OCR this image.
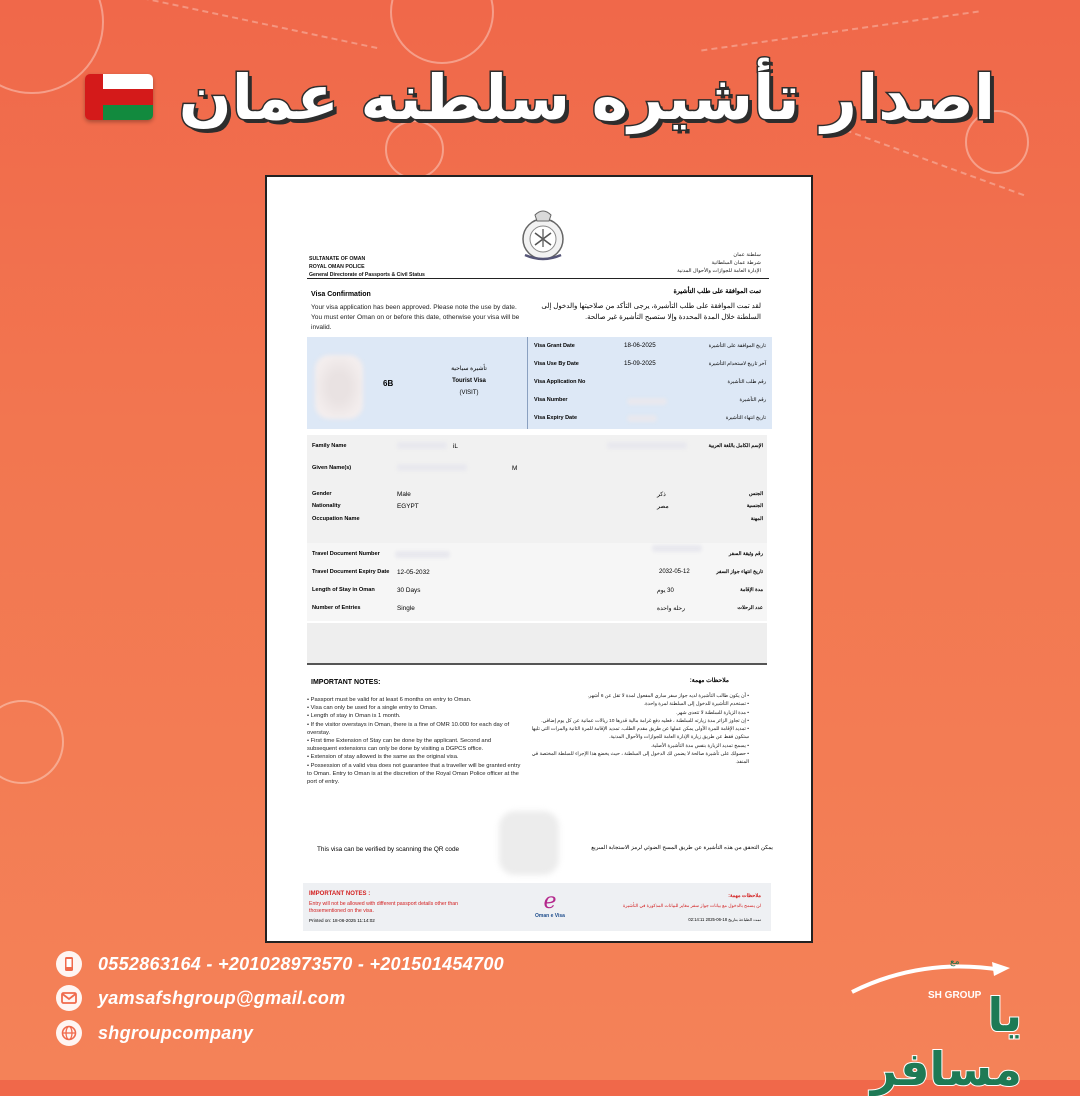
اصدار تأشيره سلطنه عمان
SULTANATE OF OMAN
ROYAL OMAN POLICE
General Directorate of Passports & Civil Status
سلطنة عمان
شرطة عمان السلطانية
الإدارة العامة للجوازات والأحوال المدنية
Visa Confirmation
Your visa application has been approved. Please note the use by date. You must enter Oman on or before this date, otherwise your visa will be invalid.
تمت الموافقة على طلب التأشيرة
لقد تمت الموافقة على طلب التأشيرة، يرجى التأكد من صلاحيتها والدخول إلى السلطنة خلال المدة المحددة وإلا ستصبح التأشيرة غير صالحة.
6B
تأشيرة سياحية
Tourist Visa
(VISIT)
Visa Grant Date	18-06-2025	تاريخ الموافقة على التأشيرة
Visa Use By Date	15-09-2025	آخر تاريخ لاستخدام التأشيرة
Visa Application No	رقم طلب التأشيرة
Visa Number	رقم التأشيرة
Visa Expiry Date	تاريخ انتهاء التأشيرة
Family Name	iL	الإسم الكامل باللغة العربية
Given Name(s)	M
Gender	Male	ذكر	الجنس
Nationality	EGYPT	مصر	الجنسية
Occupation Name	المهنة
Travel Document Number	رقم وثيقة السفر
Travel Document Expiry Date 12-05-2032	2032-05-12	تاريخ انتهاء جواز السفر
Length of Stay in Oman	30 Days	30 يوم	مدة الإقامة
Number of Entries	Single	رحلة واحدة	عدد الرحلات
IMPORTANT NOTES:	ملاحظات مهمة:
• Passport must be valid for at least 6 months on entry to Oman.
• Visa can only be used for a single entry to Oman.
• Length of stay in Oman is 1 month.
• If the visitor overstays in Oman, there is a fine of OMR 10.000 for each day of overstay.
• First time Extension of Stay can be done by the applicant. Second and subsequent extensions can only be done by visiting a DGPCS office.
• Extension of stay allowed is the same as the original visa.
• Possession of a valid visa does not guarantee that a traveller will be granted entry to Oman. Entry to Oman is at the discretion of the Royal Oman Police officer at the port of entry.
• أن يكون طالب التأشيرة لديه جواز سفر ساري المفعول لمدة لا تقل عن 6 أشهر.
• تستخدم التأشيرة للدخول إلى السلطنة لمرة واحدة.
• مدة الزيارة للسلطنة لا تتعدى شهر.
• إن تجاوز الزائر مدة زيارته للسلطنة ، فعليه دفع غرامة مالية قدرها 10 ريالات عمانية عن كل يوم إضافي.
• تمديد الإقامة للمرة الأولى يمكن عملها عن طريق مقدم الطلب. تمديد الإقامة للمرة الثانية والمرات التي تليها ستكون فقط عن طريق زيارة الإدارة العامة للجوازات والأحوال المدنية.
• يسمح تمديد الزيارة بنفس مدة التأشيرة الأصلية.
• حصولك على تأشيرة صالحة لا يضمن لك الدخول إلى السلطنة ، حيث يخضع هذا الإجراء للسلطة المختصة في المنفذ.
This visa can be verified by scanning the QR code	يمكن التحقق من هذه التأشيرة عن طريق المسح الضوئي لرمز الاستجابة السريع
IMPORTANT NOTES :
Entry will not be allowed with different passport details other than thosementioned on the visa.
Printed on: 18-06-2025 11:14:02
e
Oman e Visa
ملاحظات مهمة:
لن يسمح بالدخول مع بيانات جواز سفر مغاير للبيانات المذكورة في التأشيرة
تمت الطباعة بتاريخ 18-06-2025 02:14:11
0552863164 - +201028973570 - +201501454700
yamsafshgroup@gmail.com
shgroupcompany
مع
SH GROUP يا مسافر
